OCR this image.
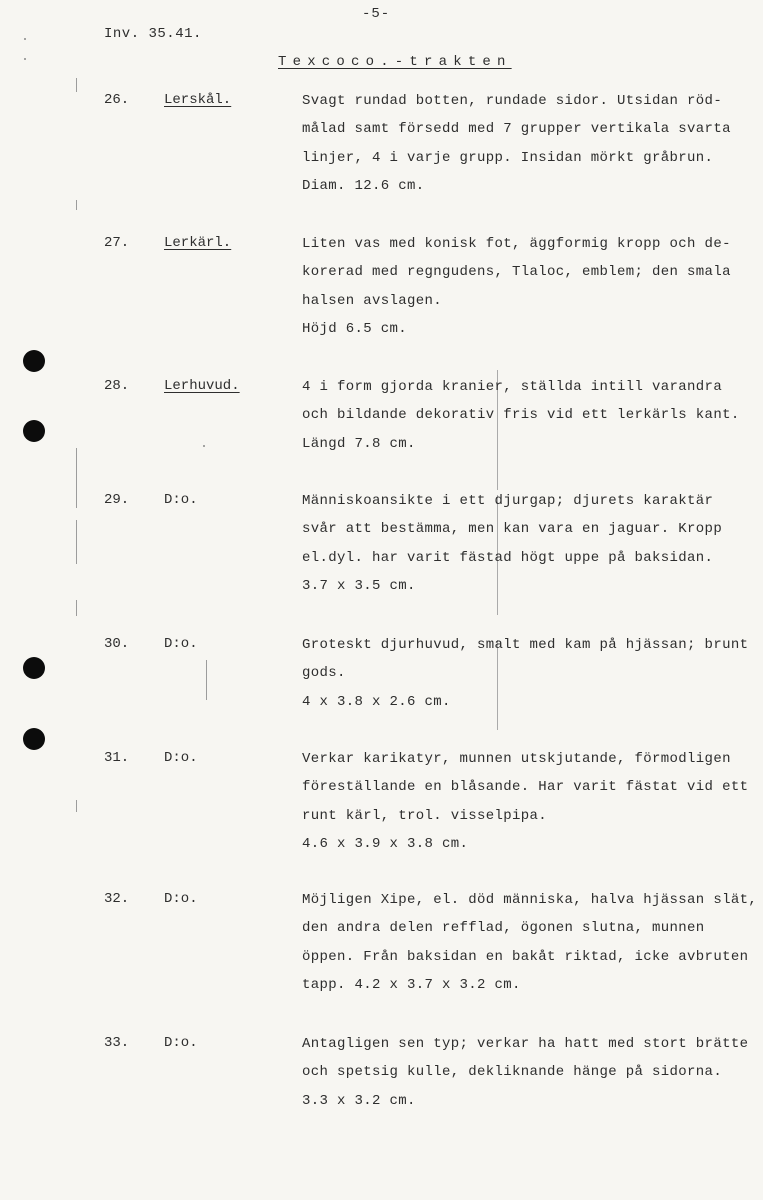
-5-
Inv. 35.41.
Texcoco.-trakten
26. Lerskål.	Svagt rundad botten, rundade sidor. Utsidan röd-
målad samt försedd med 7 grupper vertikala svarta
linjer, 4 i varje grupp. Insidan mörkt gråbrun.
Diam. 12.6 cm.
27. Lerkärl.	Liten vas med konisk fot, äggformig kropp och de-
korerad med regngudens, Tlaloc, emblem; den smala
halsen avslagen.
Höjd 6.5 cm.
28. Lerhuvud.	4 i form gjorda kranier, ställda intill varandra
och bildande dekorativ fris vid ett lerkärls kant.
Längd 7.8 cm.
29. D:o.	Människoansikte i ett djurgap; djurets karaktär
svår att bestämma, men kan vara en jaguar. Kropp
el.dyl. har varit fästad högt uppe på baksidan.
3.7 x 3.5 cm.
30. D:o.	Groteskt djurhuvud, smalt med kam på hjässan; brunt
gods.
4 x 3.8 x 2.6 cm.
31. D:o.	Verkar karikatyr, munnen utskjutande, förmodligen
föreställande en blåsande. Har varit fästat vid ett
runt kärl, trol. visselpipa.
4.6 x 3.9 x 3.8 cm.
32. D:o.	Möjligen Xipe, el. död människa, halva hjässan slät,
den andra delen refflad, ögonen slutna, munnen
öppen. Från baksidan en bakåt riktad, icke avbruten
tapp. 4.2 x 3.7 x 3.2 cm.
33. D:o.	Antagligen sen typ; verkar ha hatt med stort brätte
och spetsig kulle, dekliknande hänge på sidorna.
3.3 x 3.2 cm.
